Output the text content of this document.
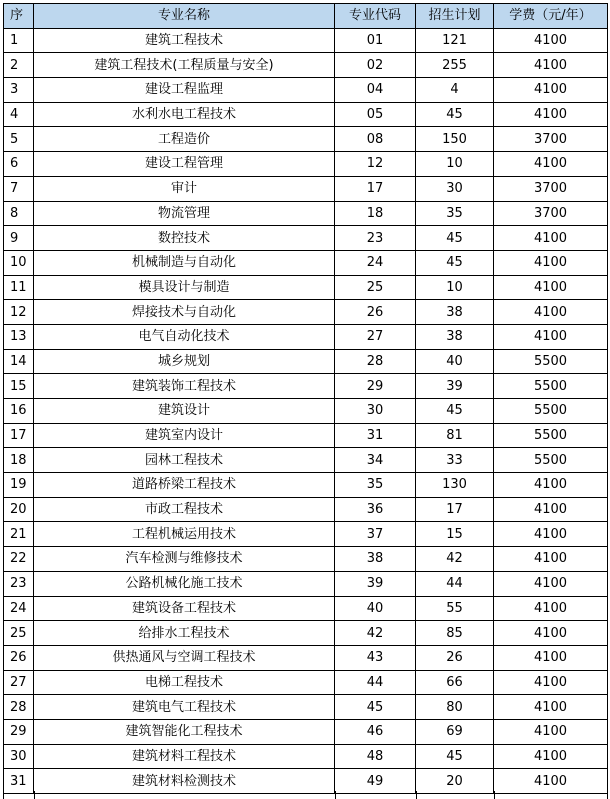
序	专业名称	专业代码	招生计划	学费（元/年）
1	建筑工程技术	01	121	4100
2	建筑工程技术(工程质量与安全)	02	255	4100
3	建设工程监理	04	4	4100
4	水利水电工程技术	05	45	4100
5	工程造价	08	150	3700
6	建设工程管理	12	10	4100
7	审计	17	30	3700
8	物流管理	18	35	3700
9	数控技术	23	45	4100
10	机械制造与自动化	24	45	4100
11	模具设计与制造	25	10	4100
12	焊接技术与自动化	26	38	4100
13	电气自动化技术	27	38	4100
14	城乡规划	28	40	5500
15	建筑装饰工程技术	29	39	5500
16	建筑设计	30	45	5500
17	建筑室内设计	31	81	5500
18	园林工程技术	34	33	5500
19	道路桥梁工程技术	35	130	4100
20	市政工程技术	36	17	4100
21	工程机械运用技术	37	15	4100
22	汽车检测与维修技术	38	42	4100
23	公路机械化施工技术	39	44	4100
24	建筑设备工程技术	40	55	4100
25	给排水工程技术	42	85	4100
26	供热通风与空调工程技术	43	26	4100
27	电梯工程技术	44	66	4100
28	建筑电气工程技术	45	80	4100
29	建筑智能化工程技术	46	69	4100
30	建筑材料工程技术	48	45	4100
31	建筑材料检测技术	49	20	4100
